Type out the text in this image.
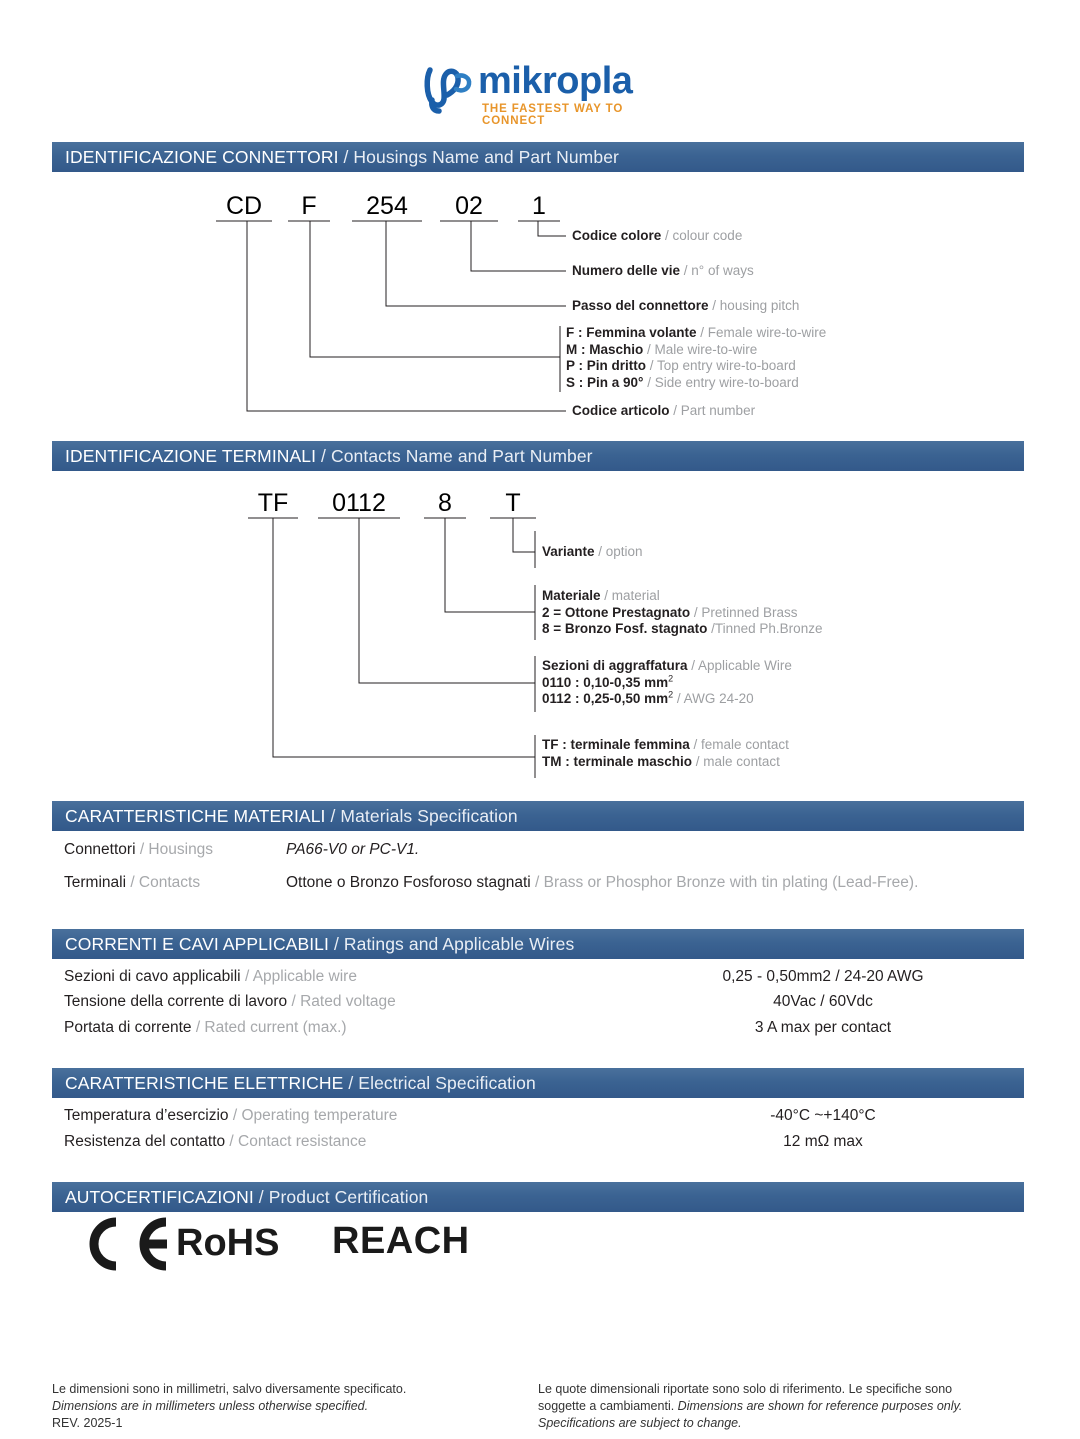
mikropla
THE FASTEST WAY TO CONNECT
IDENTIFICAZIONE CONNETTORI / Housings Name and Part Number
CD	F	254	02	1
Codice colore / colour code
Numero delle vie / n° of ways
Passo del connettore / housing pitch
F : Femmina volante / Female wire-to-wire
M : Maschio / Male wire-to-wire
P : Pin dritto / Top entry wire-to-board
S : Pin a 90° / Side entry wire-to-board
Codice articolo / Part number
IDENTIFICAZIONE TERMINALI / Contacts Name and Part Number
TF	0112	8	T
Variante / option
Materiale / material
2 = Ottone Prestagnato / Pretinned Brass
8 = Bronzo Fosf. stagnato /Tinned Ph.Bronze
Sezioni di aggraffatura / Applicable Wire
0110 : 0,10-0,35 $mm^2$
0112 : 0,25-0,50 $mm^2$ / AWG 24-20
TF : terminale femmina / female contact
TM : terminale maschio / male contact
CARATTERISTICHE MATERIALI / Materials Specification
Connettori / Housings	PA66-V0 or PC-V1.
Terminali / Contacts	Ottone o Bronzo Fosforoso stagnati / Brass or Phosphor Bronze with tin plating (Lead-Free).
CORRENTI E CAVI APPLICABILI / Ratings and Applicable Wires
Sezioni di cavo applicabili / Applicable wire	0,25 - 0,50mm2 / 24-20 AWG
Tensione della corrente di lavoro / Rated voltage	40Vac / 60Vdc
Portata di corrente / Rated current (max.)	3 A max per contact
CARATTERISTICHE ELETTRICHE / Electrical Specification
Temperatura d’esercizio / Operating temperature	-40°C ~+140°C
Resistenza del contatto / Contact resistance	12 mΩ max
AUTOCERTIFICAZIONI / Product Certification
RoHS REACH
Le dimensioni sono in millimetri, salvo diversamente specificato.
Dimensions are in millimeters unless otherwise specified.
REV. 2025-1
Le quote dimensionali riportate sono solo di riferimento. Le specifiche sono
soggette a cambiamenti. Dimensions are shown for reference purposes only.
Specifications are subject to change.
